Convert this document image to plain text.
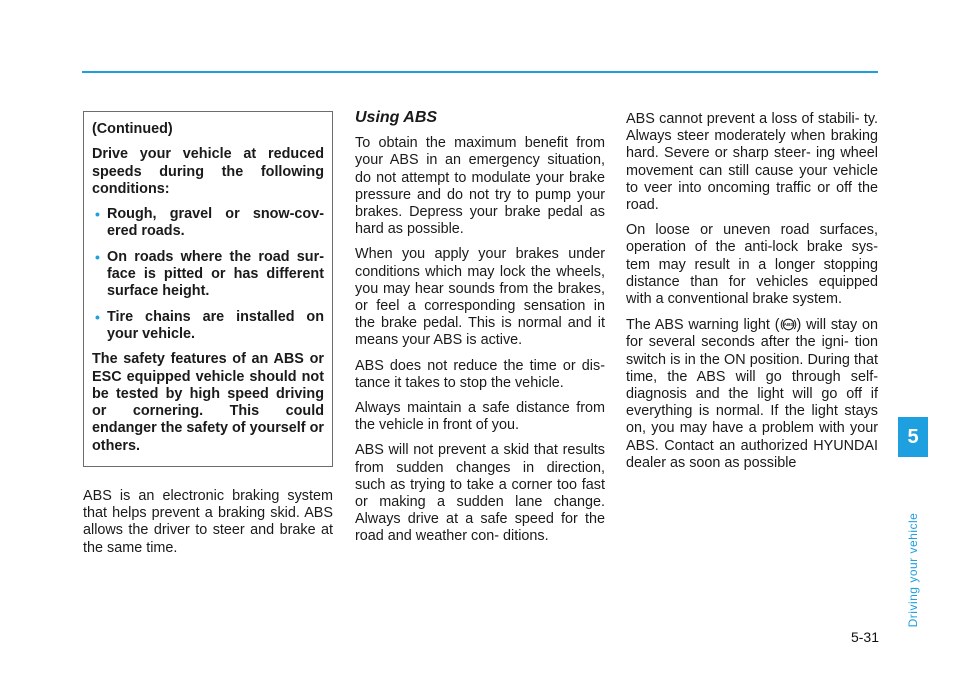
(Continued)

Drive your vehicle at reduced speeds during the following conditions:

• Rough, gravel or snow-cov- ered roads.
• On roads where the road sur- face is pitted or has different surface height.
• Tire chains are installed on your vehicle.

The safety features of an ABS or ESC equipped vehicle should not be tested by high speed driving or cornering. This could endanger the safety of yourself or others.

ABS is an electronic braking system that helps prevent a braking skid. ABS allows the driver to steer and brake at the same time.

Using ABS

To obtain the maximum benefit from your ABS in an emergency situation, do not attempt to modulate your brake pressure and do not try to pump your brakes. Depress your brake pedal as hard as possible.

When you apply your brakes under conditions which may lock the wheels, you may hear sounds from the brakes, or feel a corresponding sensation in the brake pedal. This is normal and it means your ABS is active.

ABS does not reduce the time or dis- tance it takes to stop the vehicle.

Always maintain a safe distance from the vehicle in front of you.

ABS will not prevent a skid that results from sudden changes in direction, such as trying to take a corner too fast or making a sudden lane change. Always drive at a safe speed for the road and weather con- ditions.

ABS cannot prevent a loss of stabili- ty. Always steer moderately when braking hard. Severe or sharp steer- ing wheel movement can still cause your vehicle to veer into oncoming traffic or off the road.

On loose or uneven road surfaces, operation of the anti-lock brake sys- tem may result in a longer stopping distance than for vehicles equipped with a conventional brake system.

The ABS warning light ( ABS ) will stay on for several seconds after the igni- tion switch is in the ON position. During that time, the ABS will go through self-diagnosis and the light will go off if everything is normal. If the light stays on, you may have a problem with your ABS. Contact an authorized HYUNDAI dealer as soon as possible

5
Driving your vehicle
5-31
